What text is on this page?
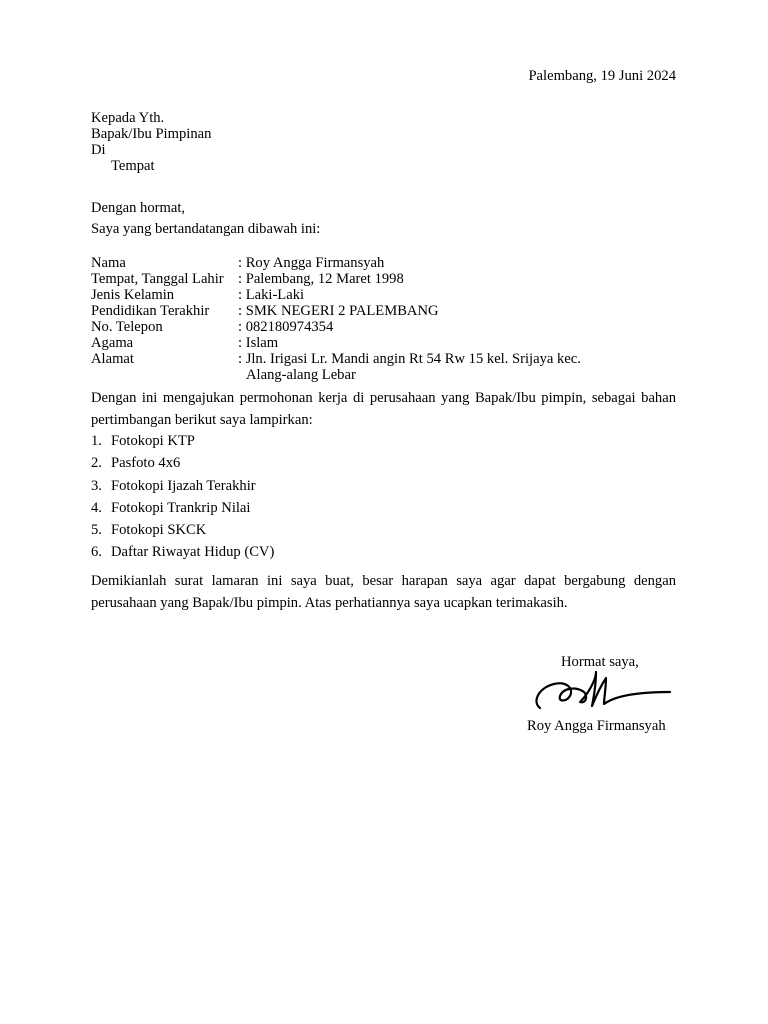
Palembang, 19 Juni 2024
Kepada Yth.
Bapak/Ibu Pimpinan
Di
Tempat
Dengan hormat,
Saya yang bertandatangan dibawah ini:
Nama	: Roy Angga Firmansyah
Tempat, Tanggal Lahir : Palembang, 12 Maret 1998
Jenis Kelamin	: Laki-Laki
Pendidikan Terakhir : SMK NEGERI 2 PALEMBANG
No. Telepon	: 082180974354
Agama	: Islam
Alamat	: Jln. Irigasi Lr. Mandi angin Rt 54 Rw 15 kel. Srijaya kec.
Alang-alang Lebar
Dengan ini mengajukan permohonan kerja di perusahaan yang Bapak/Ibu pimpin, sebagai bahan pertimbangan berikut saya lampirkan:
1. Fotokopi KTP
2. Pasfoto 4x6
3. Fotokopi Ijazah Terakhir
4. Fotokopi Trankrip Nilai
5. Fotokopi SKCK
6. Daftar Riwayat Hidup (CV)
Demikianlah surat lamaran ini saya buat, besar harapan saya agar dapat bergabung dengan perusahaan yang Bapak/Ibu pimpin. Atas perhatiannya saya ucapkan terimakasih.
Hormat saya,
Roy Angga Firmansyah
